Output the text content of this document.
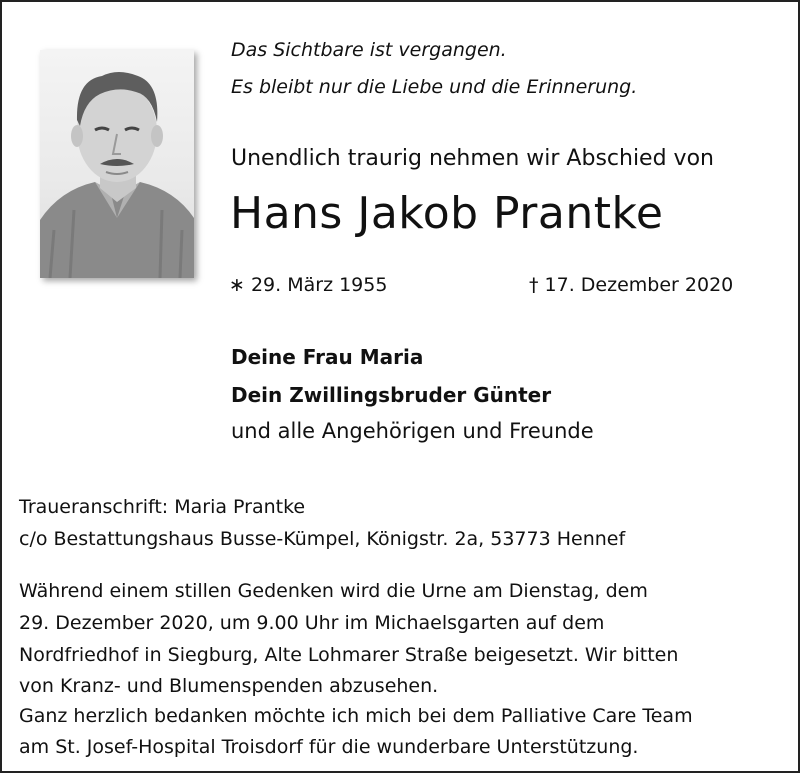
Das Sichtbare ist vergangen.
Es bleibt nur die Liebe und die Erinnerung.
Unendlich traurig nehmen wir Abschied von
Hans Jakob Prantke
∗ 29. März 1955	† 17. Dezember 2020
Deine Frau Maria
Dein Zwillingsbruder Günter
und alle Angehörigen und Freunde
Traueranschrift: Maria Prantke
c/o Bestattungshaus Busse-Kümpel, Königstr. 2a, 53773 Hennef
Während einem stillen Gedenken wird die Urne am Dienstag, dem
29. Dezember 2020, um 9.00 Uhr im Michaelsgarten auf dem
Nordfriedhof in Siegburg, Alte Lohmarer Straße beigesetzt. Wir bitten
von Kranz- und Blumenspenden abzusehen.
Ganz herzlich bedanken möchte ich mich bei dem Palliative Care Team
am St. Josef-Hospital Troisdorf für die wunderbare Unterstützung.
